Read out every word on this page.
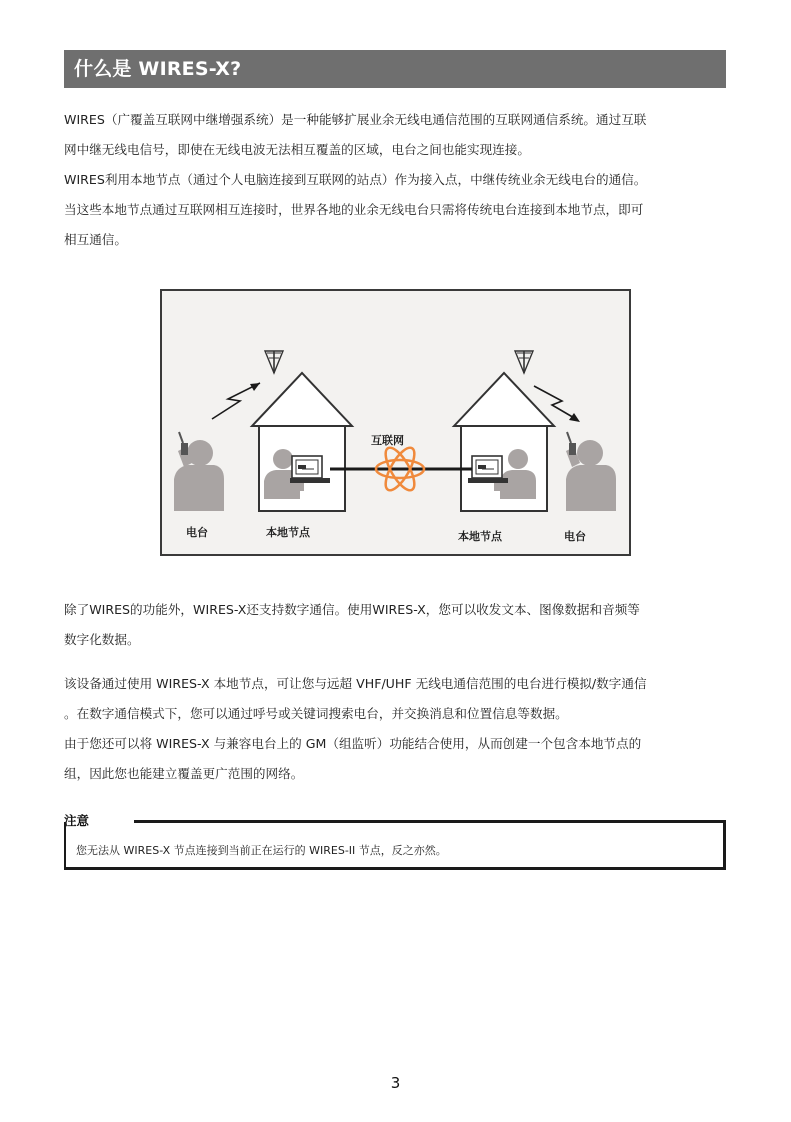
什么是 WIRES-X?

WIRES（广覆盖互联网中继增强系统）是一种能够扩展业余无线电通信范围的互联网通信系统。通过互联

网中继无线电信号，即使在无线电波无法相互覆盖的区域，电台之间也能实现连接。

WIRES利用本地节点（通过个人电脑连接到互联网的站点）作为接入点，中继传统业余无线电台的通信。

当这些本地节点通过互联网相互连接时，世界各地的业余无线电台只需将传统电台连接到本地节点，即可

相互通信。

电台	本地节点
互联网
本地节点	电台

除了WIRES的功能外，WIRES-X还支持数字通信。使用WIRES-X，您可以收发文本、图像数据和音频等

数字化数据。

该设备通过使用 WIRES-X 本地节点，可让您与远超 VHF/UHF 无线电通信范围的电台进行模拟/数字通信

。在数字通信模式下，您可以通过呼号或关键词搜索电台，并交换消息和位置信息等数据。

由于您还可以将 WIRES-X 与兼容电台上的 GM（组监听）功能结合使用，从而创建一个包含本地节点的

组，因此您也能建立覆盖更广范围的网络。

注意
您无法从 WIRES-X 节点连接到当前正在运行的 WIRES-II 节点，反之亦然。
3
